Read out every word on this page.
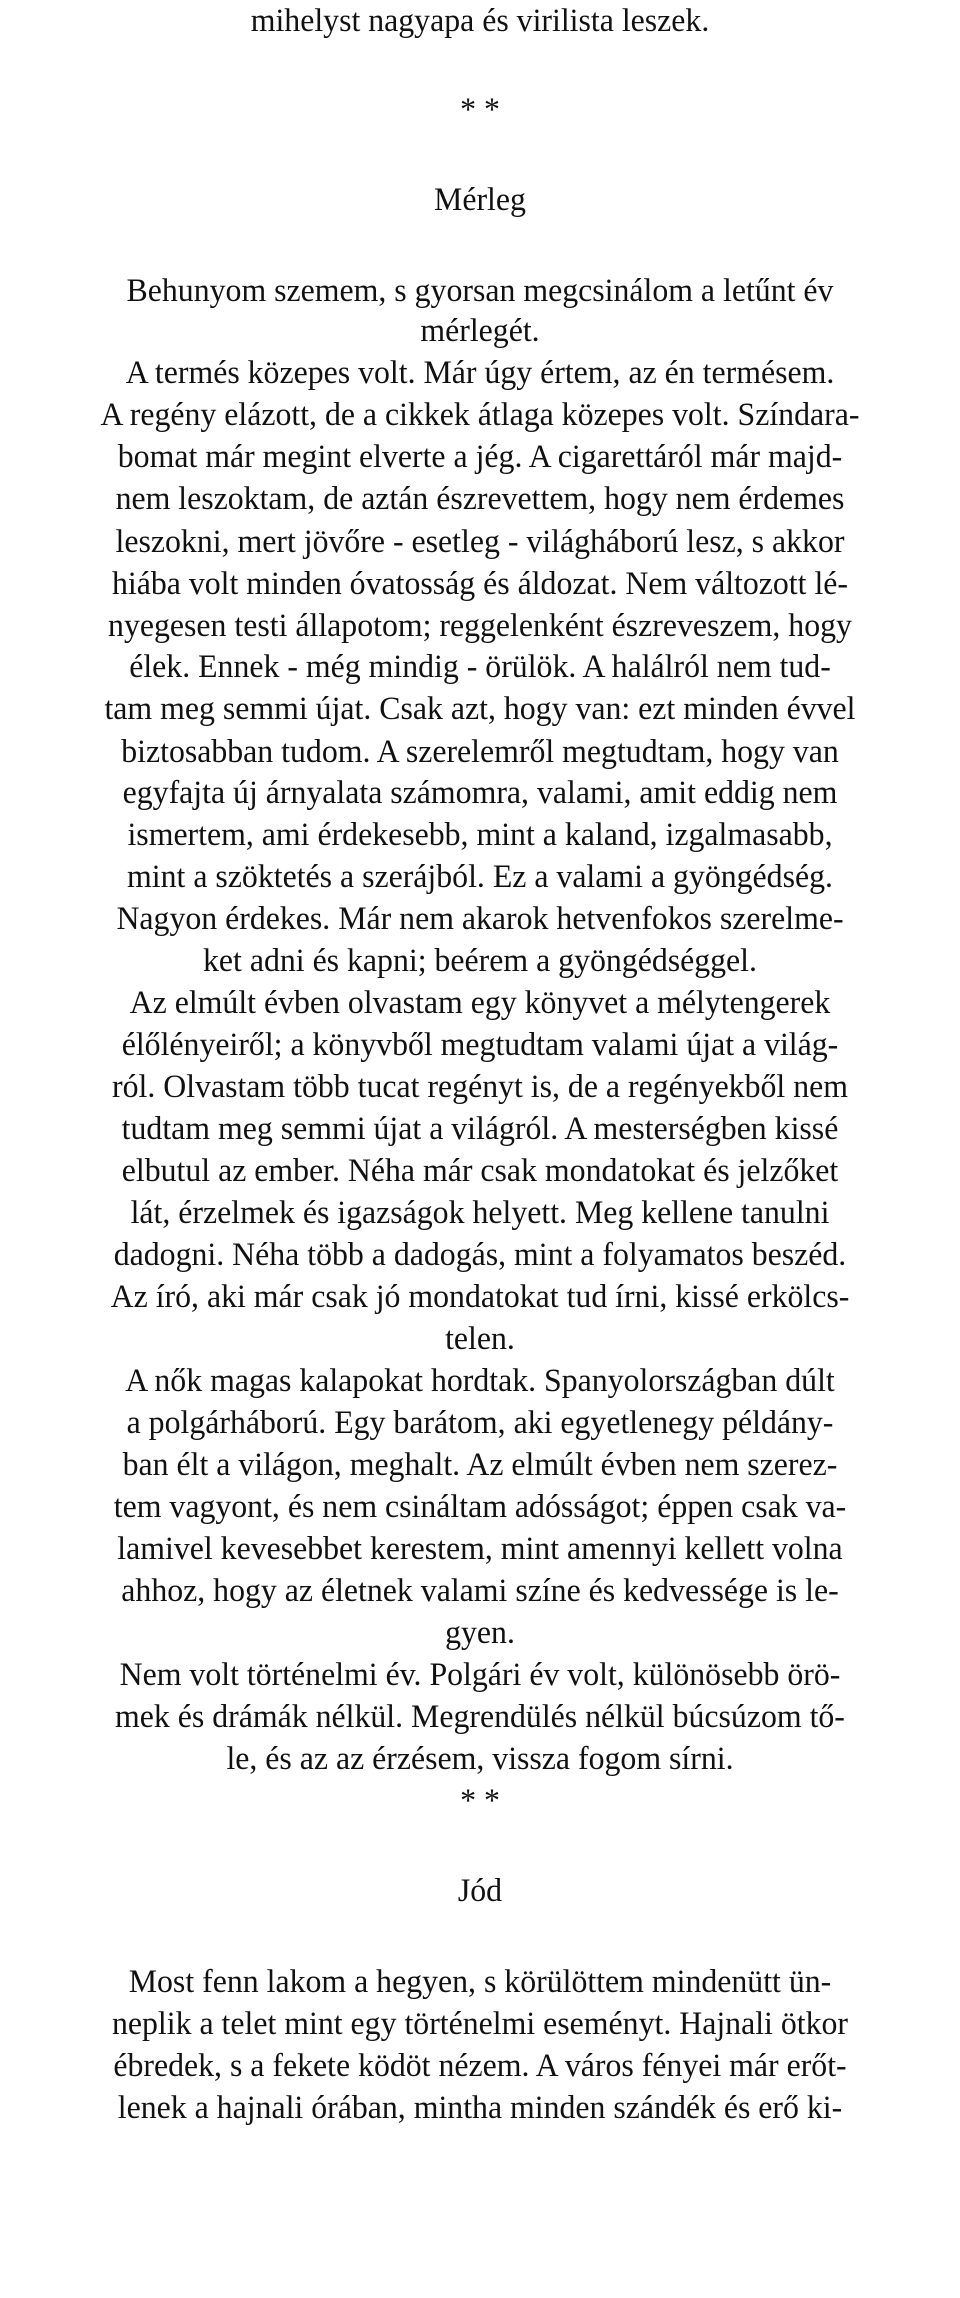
mihelyst nagyapa és virilista leszek.
* *
Mérleg
Behunyom szemem, s gyorsan megcsinálom a letűnt év
mérlegét.
A termés közepes volt. Már úgy értem, az én termésem.
A regény elázott, de a cikkek átlaga közepes volt. Színdara-
bomat már megint elverte a jég. A cigarettáról már majd-
nem leszoktam, de aztán észrevettem, hogy nem érdemes
leszokni, mert jövőre - esetleg - világháború lesz, s akkor
hiába volt minden óvatosság és áldozat. Nem változott lé-
nyegesen testi állapotom; reggelenként észreveszem, hogy
élek. Ennek - még mindig - örülök. A halálról nem tud-
tam meg semmi újat. Csak azt, hogy van: ezt minden évvel
biztosabban tudom. A szerelemről megtudtam, hogy van
egyfajta új árnyalata számomra, valami, amit eddig nem
ismertem, ami érdekesebb, mint a kaland, izgalmasabb,
mint a szöktetés a szerájból. Ez a valami a gyöngédség.
Nagyon érdekes. Már nem akarok hetvenfokos szerelme-
ket adni és kapni; beérem a gyöngédséggel.
Az elmúlt évben olvastam egy könyvet a mélytengerek
élőlényeiről; a könyvből megtudtam valami újat a világ-
ról. Olvastam több tucat regényt is, de a regényekből nem
tudtam meg semmi újat a világról. A mesterségben kissé
elbutul az ember. Néha már csak mondatokat és jelzőket
lát, érzelmek és igazságok helyett. Meg kellene tanulni
dadogni. Néha több a dadogás, mint a folyamatos beszéd.
Az író, aki már csak jó mondatokat tud írni, kissé erkölcs-
telen.
A nők magas kalapokat hordtak. Spanyolországban dúlt
a polgárháború. Egy barátom, aki egyetlenegy példány-
ban élt a világon, meghalt. Az elmúlt évben nem szerez-
tem vagyont, és nem csináltam adósságot; éppen csak va-
lamivel kevesebbet kerestem, mint amennyi kellett volna
ahhoz, hogy az életnek valami színe és kedvessége is le-
gyen.
Nem volt történelmi év. Polgári év volt, különösebb örö-
mek és drámák nélkül. Megrendülés nélkül búcsúzom tő-
le, és az az érzésem, vissza fogom sírni.
* *
Jód
Most fenn lakom a hegyen, s körülöttem mindenütt ün-
neplik a telet mint egy történelmi eseményt. Hajnali ötkor
ébredek, s a fekete ködöt nézem. A város fényei már erőt-
lenek a hajnali órában, mintha minden szándék és erő ki-
